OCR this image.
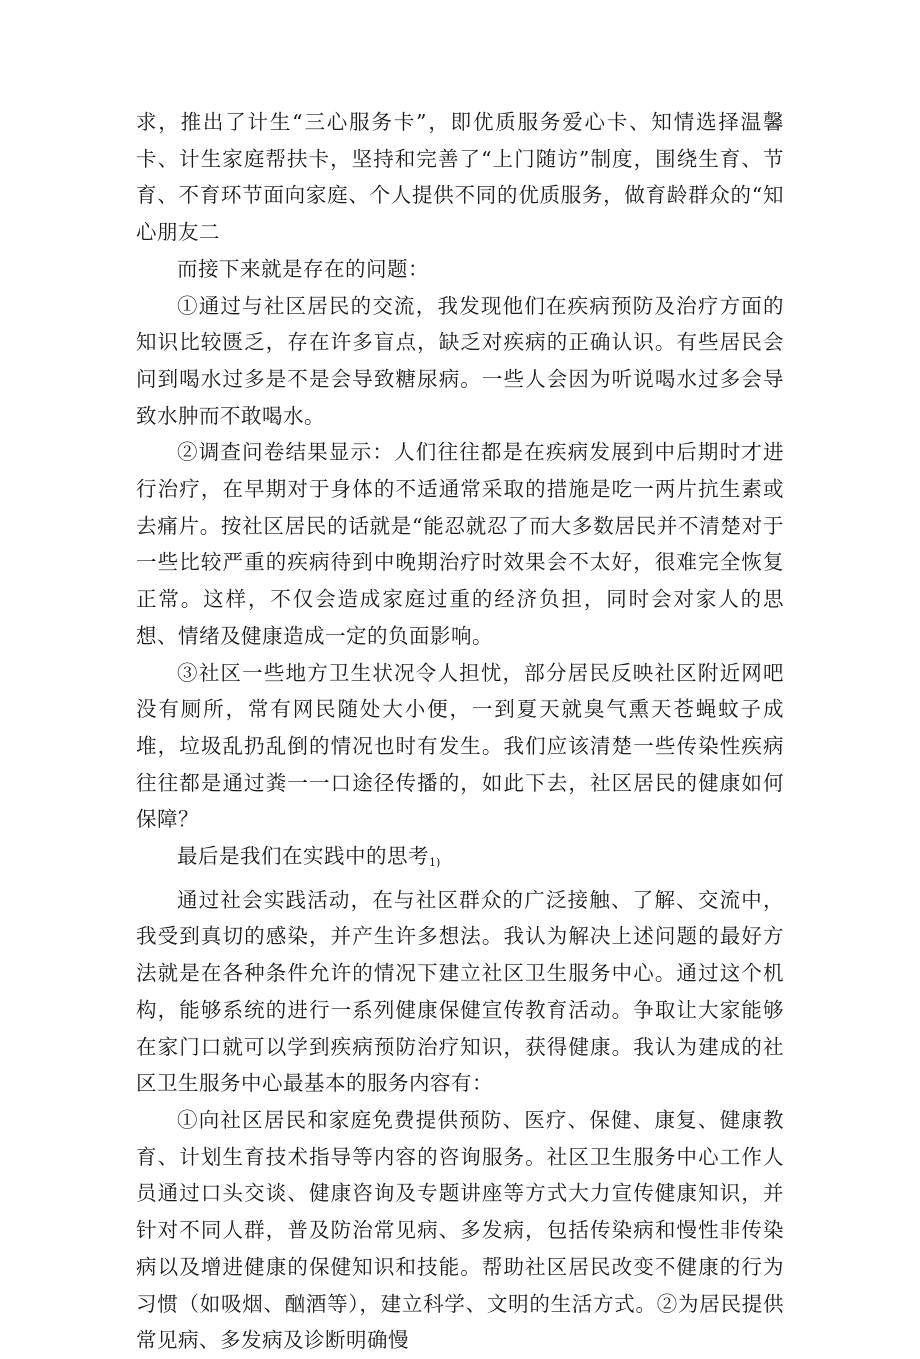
求，推出了计生“三心服务卡”，即优质服务爱心卡、知情选择温馨卡、计生家庭帮扶卡，坚持和完善了“上门随访”制度，围绕生育、节育、不育环节面向家庭、个人提供不同的优质服务，做育龄群众的“知心朋友二

而接下来就是存在的问题：

①通过与社区居民的交流，我发现他们在疾病预防及治疗方面的知识比较匮乏，存在许多盲点，缺乏对疾病的正确认识。有些居民会问到喝水过多是不是会导致糖尿病。一些人会因为听说喝水过多会导致水肿而不敢喝水。

②调查问卷结果显示：人们往往都是在疾病发展到中后期时才进行治疗，在早期对于身体的不适通常采取的措施是吃一两片抗生素或去痛片。按社区居民的话就是“能忍就忍了而大多数居民并不清楚对于一些比较严重的疾病待到中晚期治疗时效果会不太好，很难完全恢复正常。这样，不仅会造成家庭过重的经济负担，同时会对家人的思想、情绪及健康造成一定的负面影响。

③社区一些地方卫生状况令人担忧，部分居民反映社区附近网吧没有厕所，常有网民随处大小便，一到夏天就臭气熏天苍蝇蚊子成堆，垃圾乱扔乱倒的情况也时有发生。我们应该清楚一些传染性疾病往往都是通过粪一一口途径传播的，如此下去，社区居民的健康如何保障？

最后是我们在实践中的思考$_{1)}$

通过社会实践活动，在与社区群众的广泛接触、了解、交流中，我受到真切的感染，并产生许多想法。我认为解决上述问题的最好方法就是在各种条件允许的情况下建立社区卫生服务中心。通过这个机构，能够系统的进行一系列健康保健宣传教育活动。争取让大家能够在家门口就可以学到疾病预防治疗知识，获得健康。我认为建成的社区卫生服务中心最基本的服务内容有：

①向社区居民和家庭免费提供预防、医疗、保健、康复、健康教育、计划生育技术指导等内容的咨询服务。社区卫生服务中心工作人员通过口头交谈、健康咨询及专题讲座等方式大力宣传健康知识，并针对不同人群，普及防治常见病、多发病，包括传染病和慢性非传染病以及增进健康的保健知识和技能。帮助社区居民改变不健康的行为习惯（如吸烟、酗酒等），建立科学、文明的生活方式。②为居民提供常见病、多发病及诊断明确慢
